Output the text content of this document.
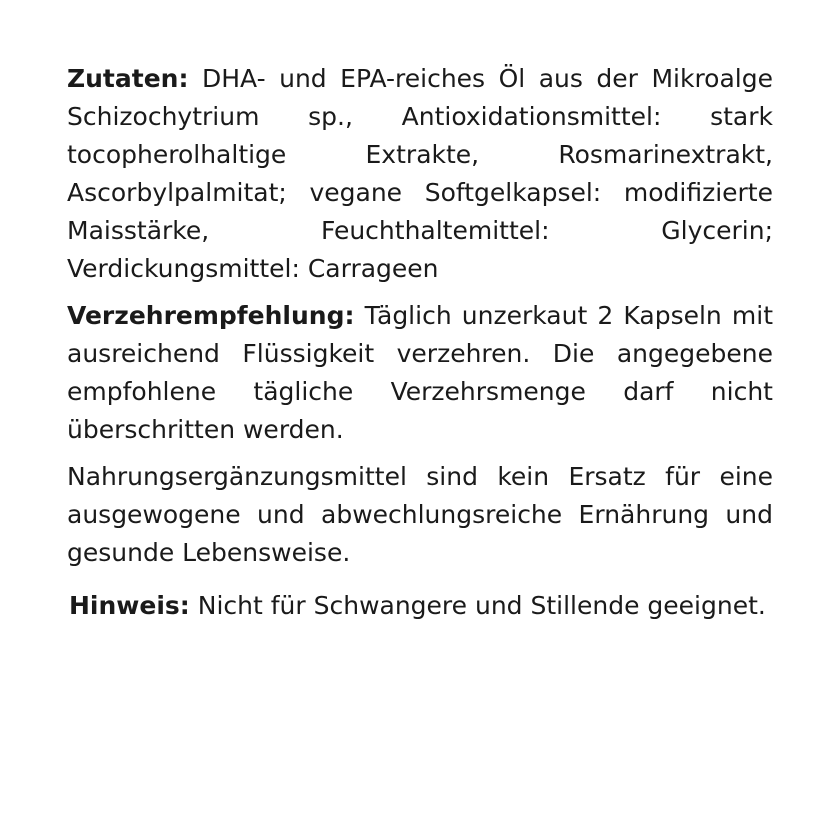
Zutaten: DHA- und EPA-reiches Öl aus der Mikroalge Schizochytrium sp., Antioxidationsmittel: stark tocopherolhaltige Extrakte, Rosmarinextrakt, Ascorbylpalmitat; vegane Softgelkapsel: modifizierte Maisstärke, Feuchthaltemittel: Glycerin; Verdickungsmittel: Carrageen

Verzehrempfehlung: Täglich unzerkaut 2 Kapseln mit ausreichend Flüssigkeit verzehren. Die angegebene empfohlene tägliche Verzehrsmenge darf nicht überschritten werden.

Nahrungsergänzungsmittel sind kein Ersatz für eine ausgewogene und abwechlungsreiche Ernährung und gesunde Lebensweise.

Hinweis: Nicht für Schwangere und Stillende geeignet.
